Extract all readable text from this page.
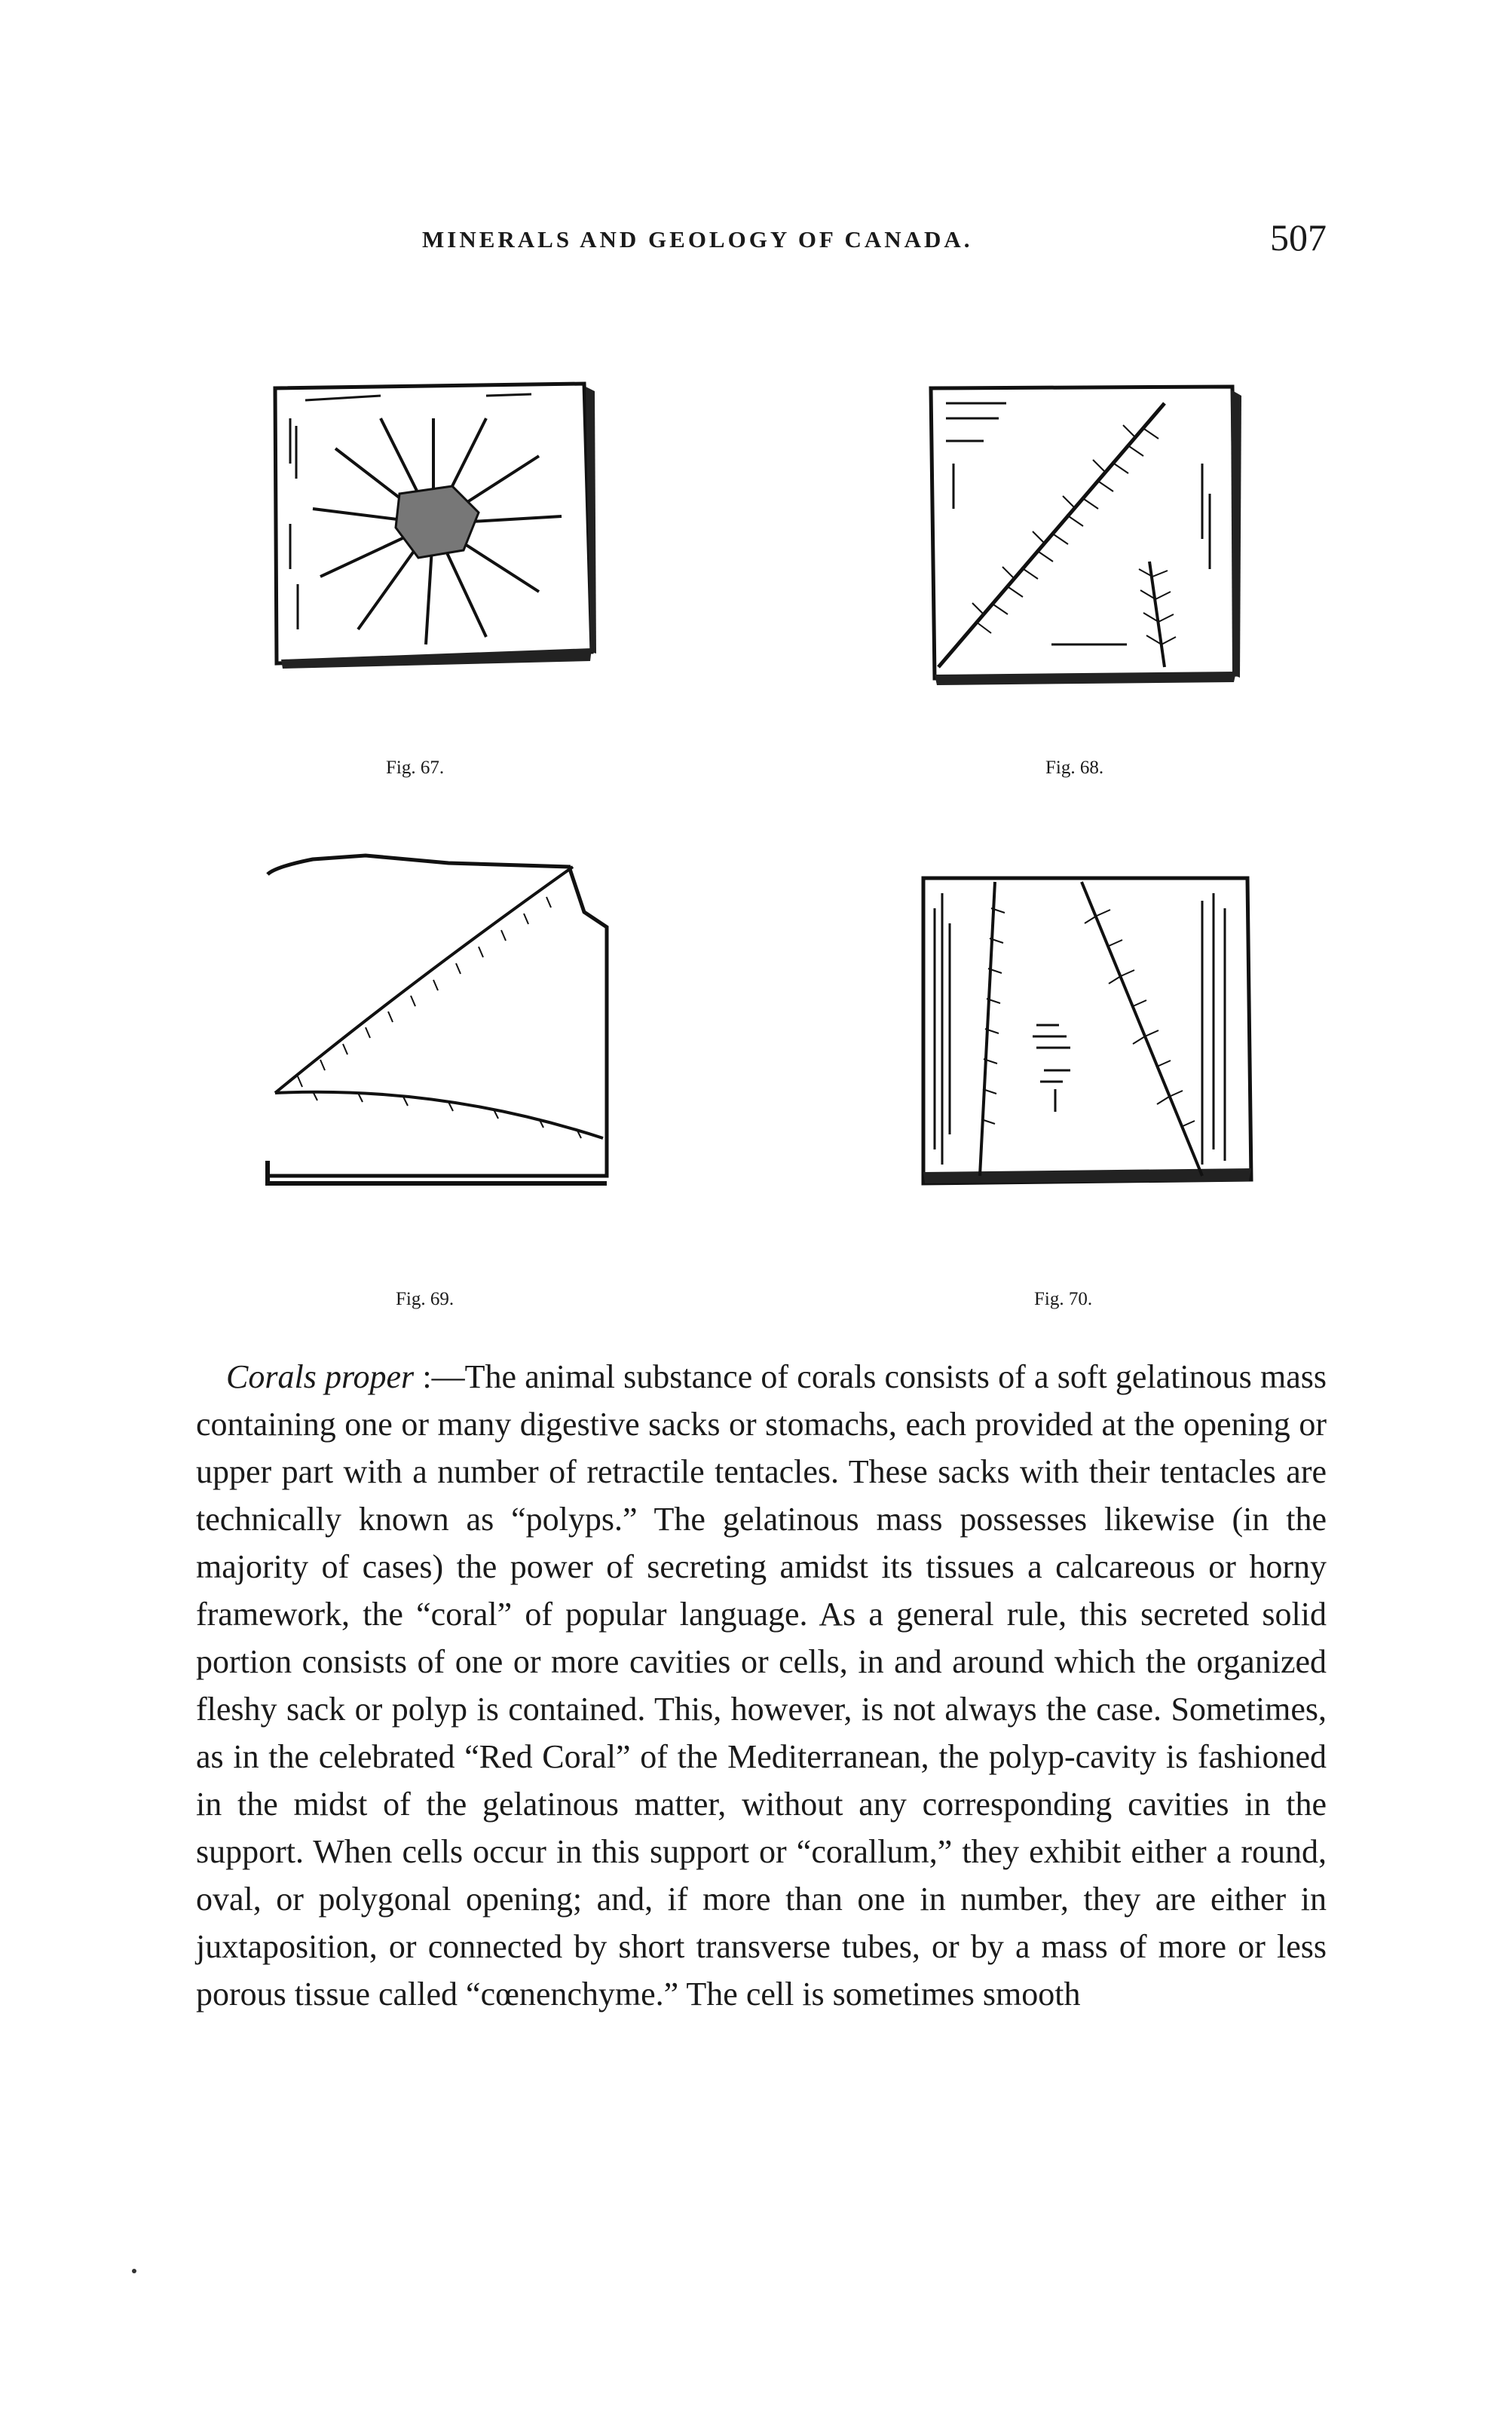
MINERALS AND GEOLOGY OF CANADA.	507
Fig. 67.	Fig. 68.
Fig. 69.	Fig. 70.

Corals proper :—The animal substance of corals consists of a soft gelatinous mass containing one or many digestive sacks or stomachs, each provided at the opening or upper part with a number of retractile tentacles. These sacks with their tentacles are technically known as “polyps.” The gelatinous mass possesses likewise (in the majority of cases) the power of secreting amidst its tissues a calcareous or horny framework, the “coral” of popular language. As a general rule, this secreted solid portion consists of one or more cavities or cells, in and around which the organized fleshy sack or polyp is contained. This, however, is not always the case. Sometimes, as in the celebrated “Red Coral” of the Mediterranean, the polyp-cavity is fashioned in the midst of the gelatinous matter, without any corresponding cavities in the support. When cells occur in this support or “corallum,” they exhibit either a round, oval, or polygonal opening; and, if more than one in number, they are either in juxtaposition, or connected by short transverse tubes, or by a mass of more or less porous tissue called “cœnenchyme.” The cell is sometimes smooth
